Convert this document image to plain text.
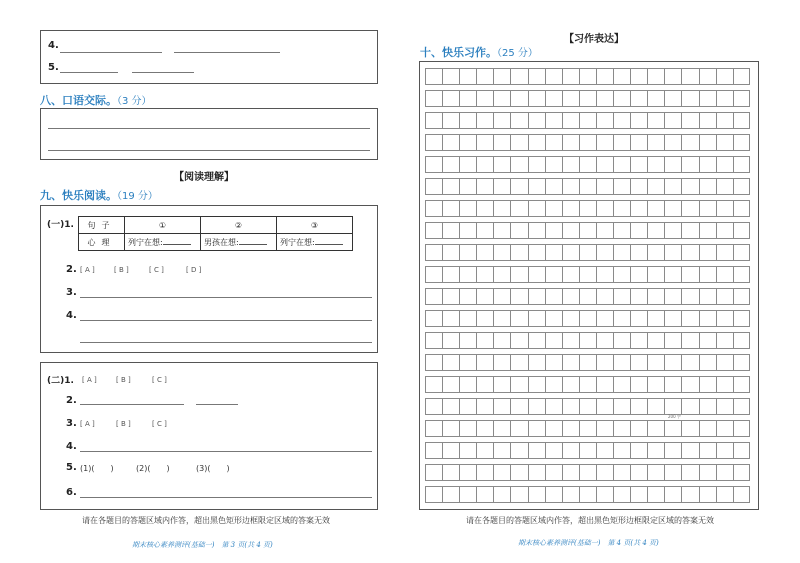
4.
5.
八、口语交际。（3 分）
【阅读理解】
九、快乐阅读。（19 分）
(一)1. 句子	①	②	③
心理	列宁在想:	男孩在想:	列宁在想:
2. [ A ]	[ B ]	[ C ]	[ D ]
3.
4.
(二)1. [ A ]	[ B ]	[ C ]
2.
3. [ A ]	[ B ]	[ C ]
4.
5. (1)(　　)	(2)(　　)	(3)(　　)
6.
请在各题目的答题区域内作答，超出黑色矩形边框限定区域的答案无效
期末核心素养测评(基础一)　第 3 页(共 4 页)
【习作表达】
十、快乐习作。（25 分）
200 字
请在各题目的答题区域内作答，超出黑色矩形边框限定区域的答案无效
期末核心素养测评(基础一)　第 4 页(共 4 页)
